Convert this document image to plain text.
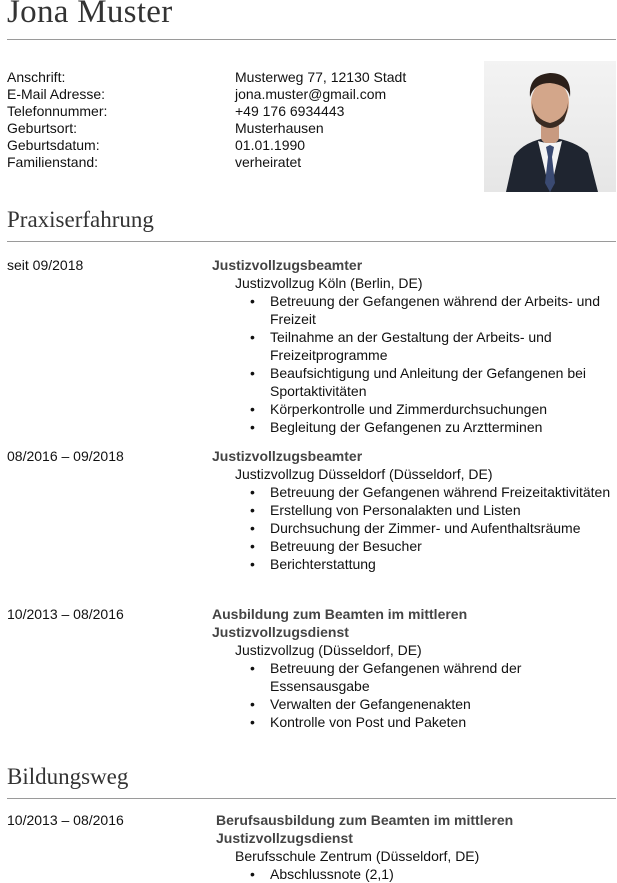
Jona Muster
Anschrift:	Musterweg 77, 12130 Stadt
E-Mail Adresse:	jona.muster@gmail.com
Telefonnummer:	+49 176 6934443
Geburtsort:	Musterhausen
Geburtsdatum:	01.01.1990
Familienstand:	verheiratet
Praxiserfahrung
seit 09/2018	Justizvollzugsbeamter
Justizvollzug Köln (Berlin, DE)
• Betreuung der Gefangenen während der Arbeits- und Freizeit
• Teilnahme an der Gestaltung der Arbeits- und Freizeitprogramme
• Beaufsichtigung und Anleitung der Gefangenen bei Sportaktivitäten
• Körperkontrolle und Zimmerdurchsuchungen
• Begleitung der Gefangenen zu Arztterminen
08/2016 – 09/2018	Justizvollzugsbeamter
Justizvollzug Düsseldorf (Düsseldorf, DE)
• Betreuung der Gefangenen während Freizeitaktivitäten
• Erstellung von Personalakten und Listen
• Durchsuchung der Zimmer- und Aufenthaltsräume
• Betreuung der Besucher
• Berichterstattung
10/2013 – 08/2016	Ausbildung zum Beamten im mittleren Justizvollzugsdienst
Justizvollzug (Düsseldorf, DE)
• Betreuung der Gefangenen während der Essensausgabe
• Verwalten der Gefangenenakten
• Kontrolle von Post und Paketen
Bildungsweg
10/2013 – 08/2016	Berufsausbildung zum Beamten im mittleren Justizvollzugsdienst
Berufsschule Zentrum (Düsseldorf, DE)
• Abschlussnote (2,1)
